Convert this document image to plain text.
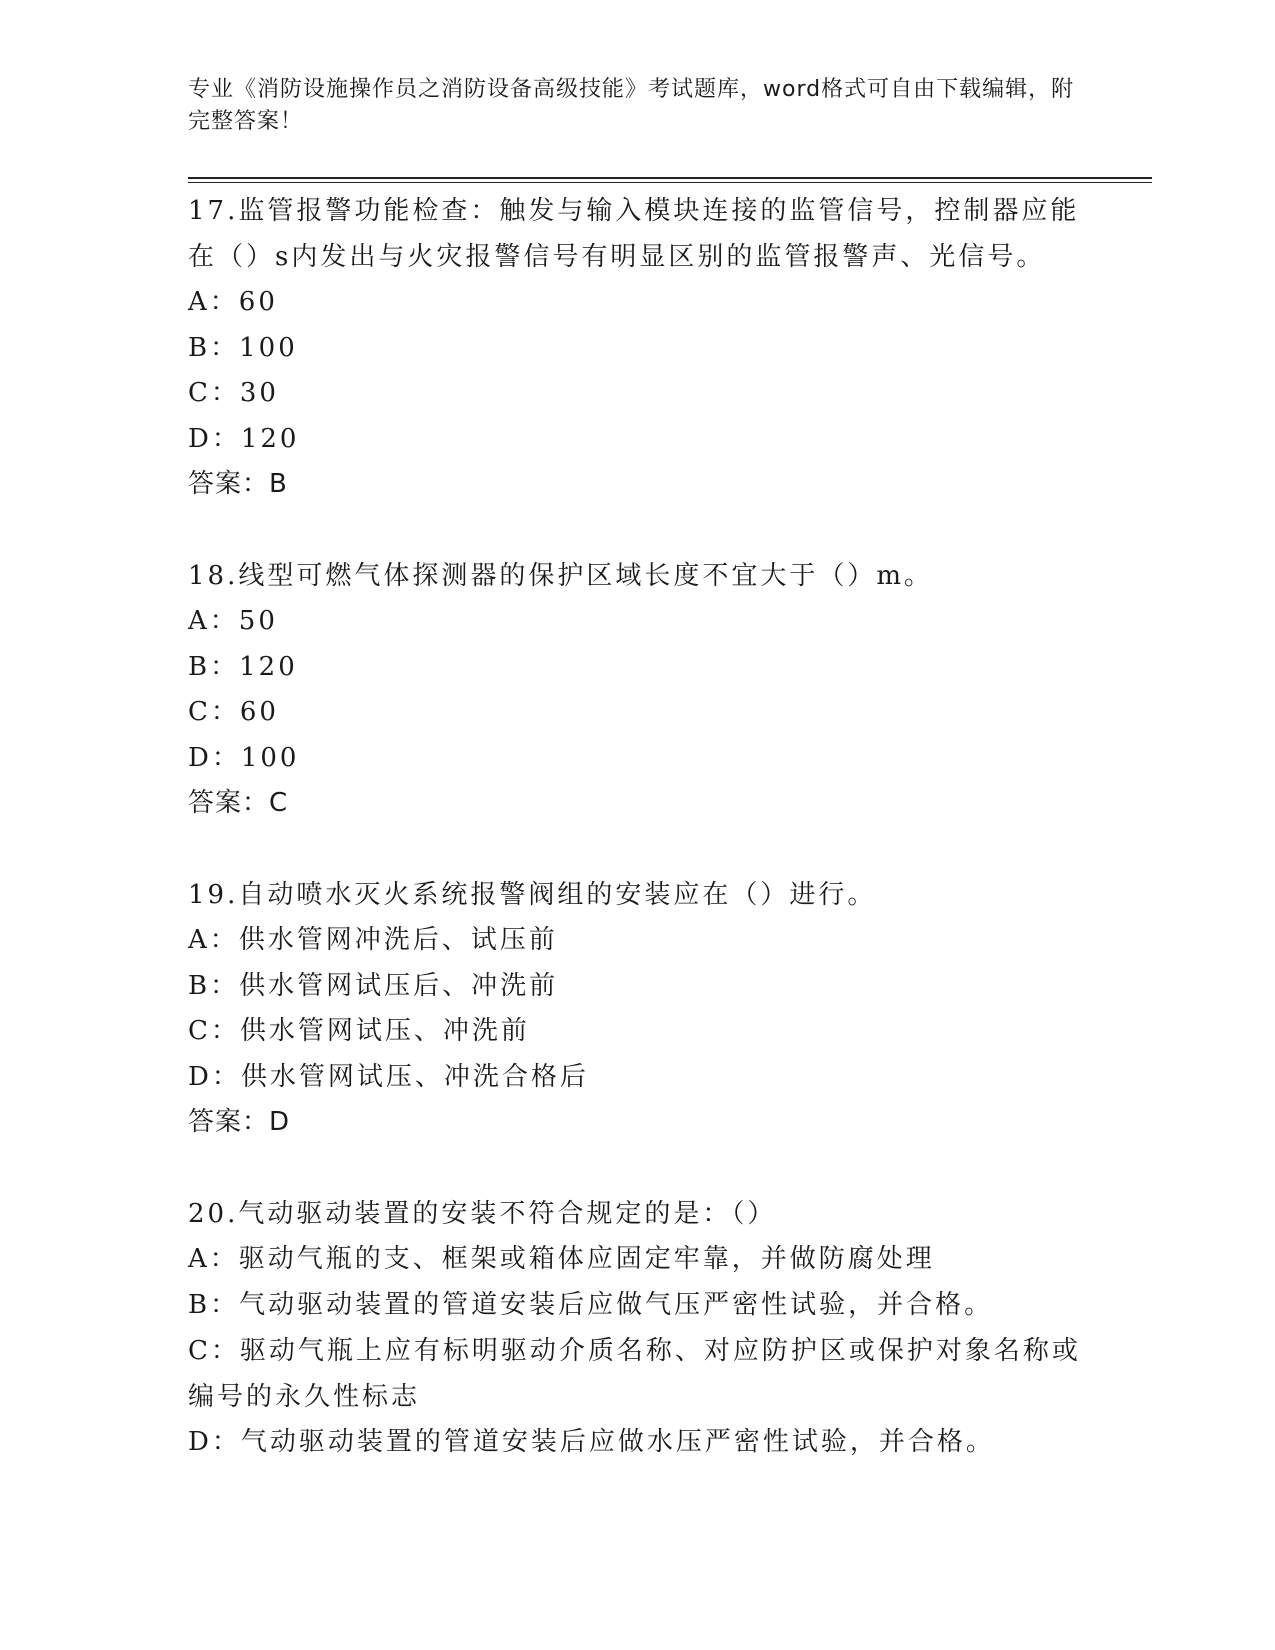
专业《消防设施操作员之消防设备高级技能》考试题库，word格式可自由下载编辑，附完整答案！
17.监管报警功能检查：触发与输入模块连接的监管信号，控制器应能在（）s内发出与火灾报警信号有明显区别的监管报警声、光信号。
A：60
B：100
C：30
D：120
答案：B
18.线型可燃气体探测器的保护区域长度不宜大于（）m。
A：50
B：120
C：60
D：100
答案：C
19.自动喷水灭火系统报警阀组的安装应在（）进行。
A：供水管网冲洗后、试压前
B：供水管网试压后、冲洗前
C：供水管网试压、冲洗前
D：供水管网试压、冲洗合格后
答案：D
20.气动驱动装置的安装不符合规定的是：（）
A：驱动气瓶的支、框架或箱体应固定牢靠，并做防腐处理
B：气动驱动装置的管道安装后应做气压严密性试验，并合格。
C：驱动气瓶上应有标明驱动介质名称、对应防护区或保护对象名称或编号的永久性标志
D：气动驱动装置的管道安装后应做水压严密性试验，并合格。
